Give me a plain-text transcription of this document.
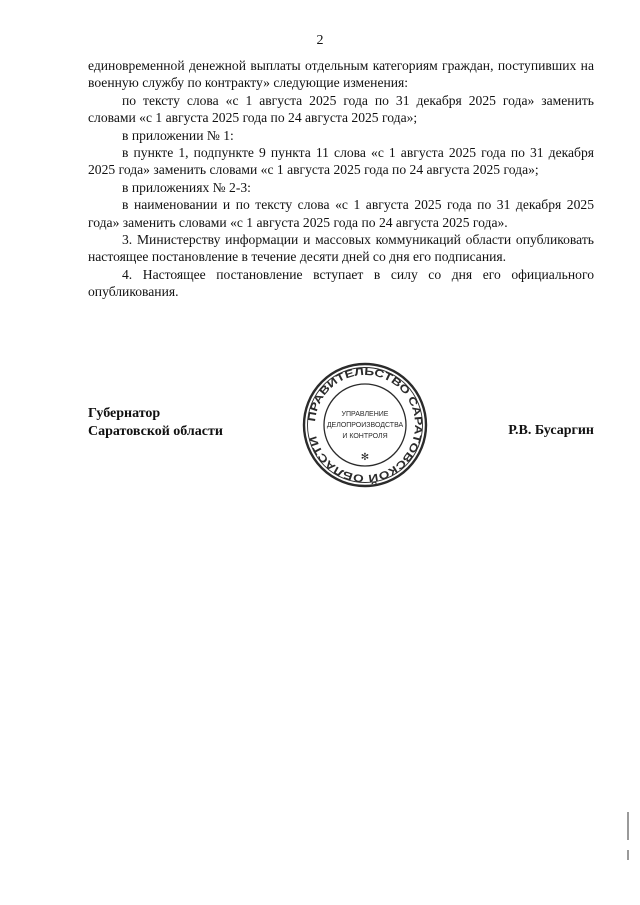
2

единовременной денежной выплаты отдельным категориям граждан, поступивших на военную службу по контракту» следующие изменения:

по тексту слова «с 1 августа 2025 года по 31 декабря 2025 года» заменить словами «с 1 августа 2025 года по 24 августа 2025 года»;

в приложении № 1:

в пункте 1, подпункте 9 пункта 11 слова «с 1 августа 2025 года по 31 декабря 2025 года» заменить словами «с 1 августа 2025 года по 24 августа 2025 года»;

в приложениях № 2-3:

в наименовании и по тексту слова «с 1 августа 2025 года по 31 декабря 2025 года» заменить словами «с 1 августа 2025 года по 24 августа 2025 года».

3. Министерству информации и массовых коммуникаций области опубликовать настоящее постановление в течение десяти дней со дня его подписания.

4. Настоящее постановление вступает в силу со дня его официального опубликования.

Губернатор
Саратовской области	Р.В. Бусаргин
ПРАВИТЕЛЬСТВО САРАТОВСКОЙ ОБЛАСТИ
УПРАВЛЕНИЕ
ДЕЛОПРОИЗВОДСТВА
И КОНТРОЛЯ
✻
